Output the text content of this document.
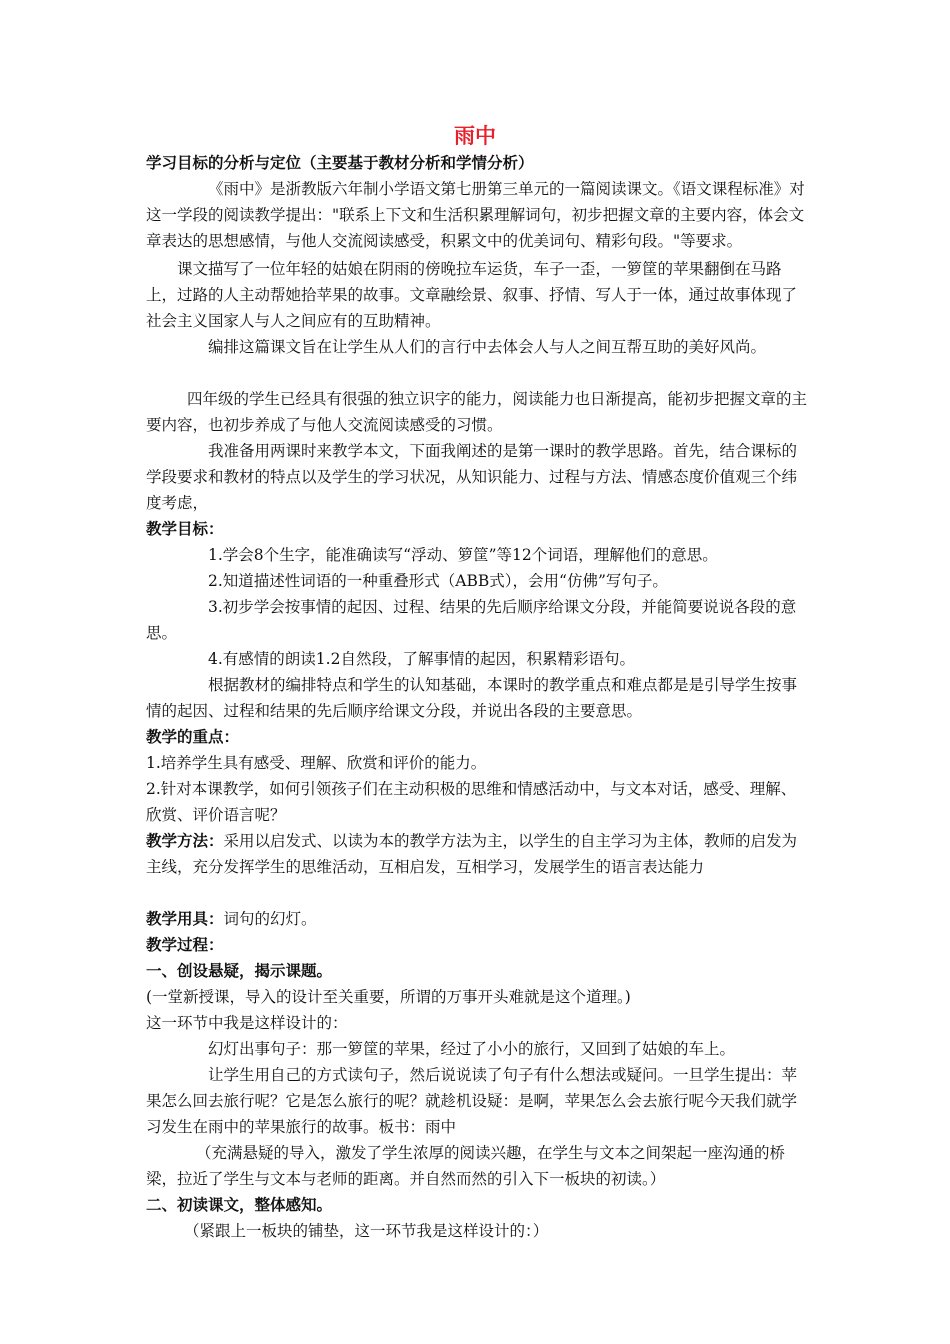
雨中

学习目标的分析与定位（主要基于教材分析和学情分析）

《雨中》是浙教版六年制小学语文第七册第三单元的一篇阅读课文。《语文课程标准》对这一学段的阅读教学提出："联系上下文和生活积累理解词句，初步把握文章的主要内容，体会文章表达的思想感情，与他人交流阅读感受，积累文中的优美词句、精彩句段。"等要求。

课文描写了一位年轻的姑娘在阴雨的傍晚拉车运货，车子一歪，一箩筐的苹果翻倒在马路上，过路的人主动帮她拾苹果的故事。文章融绘景、叙事、抒情、写人于一体，通过故事体现了社会主义国家人与人之间应有的互助精神。

编排这篇课文旨在让学生从人们的言行中去体会人与人之间互帮互助的美好风尚。

四年级的学生已经具有很强的独立识字的能力，阅读能力也日渐提高，能初步把握文章的主要内容，也初步养成了与他人交流阅读感受的习惯。

我准备用两课时来教学本文，下面我阐述的是第一课时的教学思路。首先，结合课标的学段要求和教材的特点以及学生的学习状况，从知识能力、过程与方法、情感态度价值观三个纬度考虑，

教学目标：

1.学会8个生字，能准确读写“浮动、箩筐”等12个词语，理解他们的意思。

2.知道描述性词语的一种重叠形式（ABB式），会用“仿佛”写句子。

3.初步学会按事情的起因、过程、结果的先后顺序给课文分段，并能简要说说各段的意思。

4.有感情的朗读1.2自然段，了解事情的起因，积累精彩语句。

根据教材的编排特点和学生的认知基础，本课时的教学重点和难点都是是引导学生按事情的起因、过程和结果的先后顺序给课文分段，并说出各段的主要意思。

教学的重点：

1.培养学生具有感受、理解、欣赏和评价的能力。

2.针对本课教学，如何引领孩子们在主动积极的思维和情感活动中，与文本对话，感受、理解、欣赏、评价语言呢？

教学方法：采用以启发式、以读为本的教学方法为主，以学生的自主学习为主体，教师的启发为主线，充分发挥学生的思维活动，互相启发，互相学习，发展学生的语言表达能力

教学用具：词句的幻灯。

教学过程：

一、创设悬疑，揭示课题。

(一堂新授课，导入的设计至关重要，所谓的万事开头难就是这个道理。)

这一环节中我是这样设计的：

幻灯出事句子：那一箩筐的苹果，经过了小小的旅行，又回到了姑娘的车上。

让学生用自己的方式读句子，然后说说读了句子有什么想法或疑问。一旦学生提出：苹果怎么回去旅行呢？它是怎么旅行的呢？就趁机设疑：是啊，苹果怎么会去旅行呢今天我们就学习发生在雨中的苹果旅行的故事。板书：雨中

（充满悬疑的导入，激发了学生浓厚的阅读兴趣，在学生与文本之间架起一座沟通的桥梁，拉近了学生与文本与老师的距离。并自然而然的引入下一板块的初读。）

二、初读课文，整体感知。

（紧跟上一板块的铺垫，这一环节我是这样设计的：）
